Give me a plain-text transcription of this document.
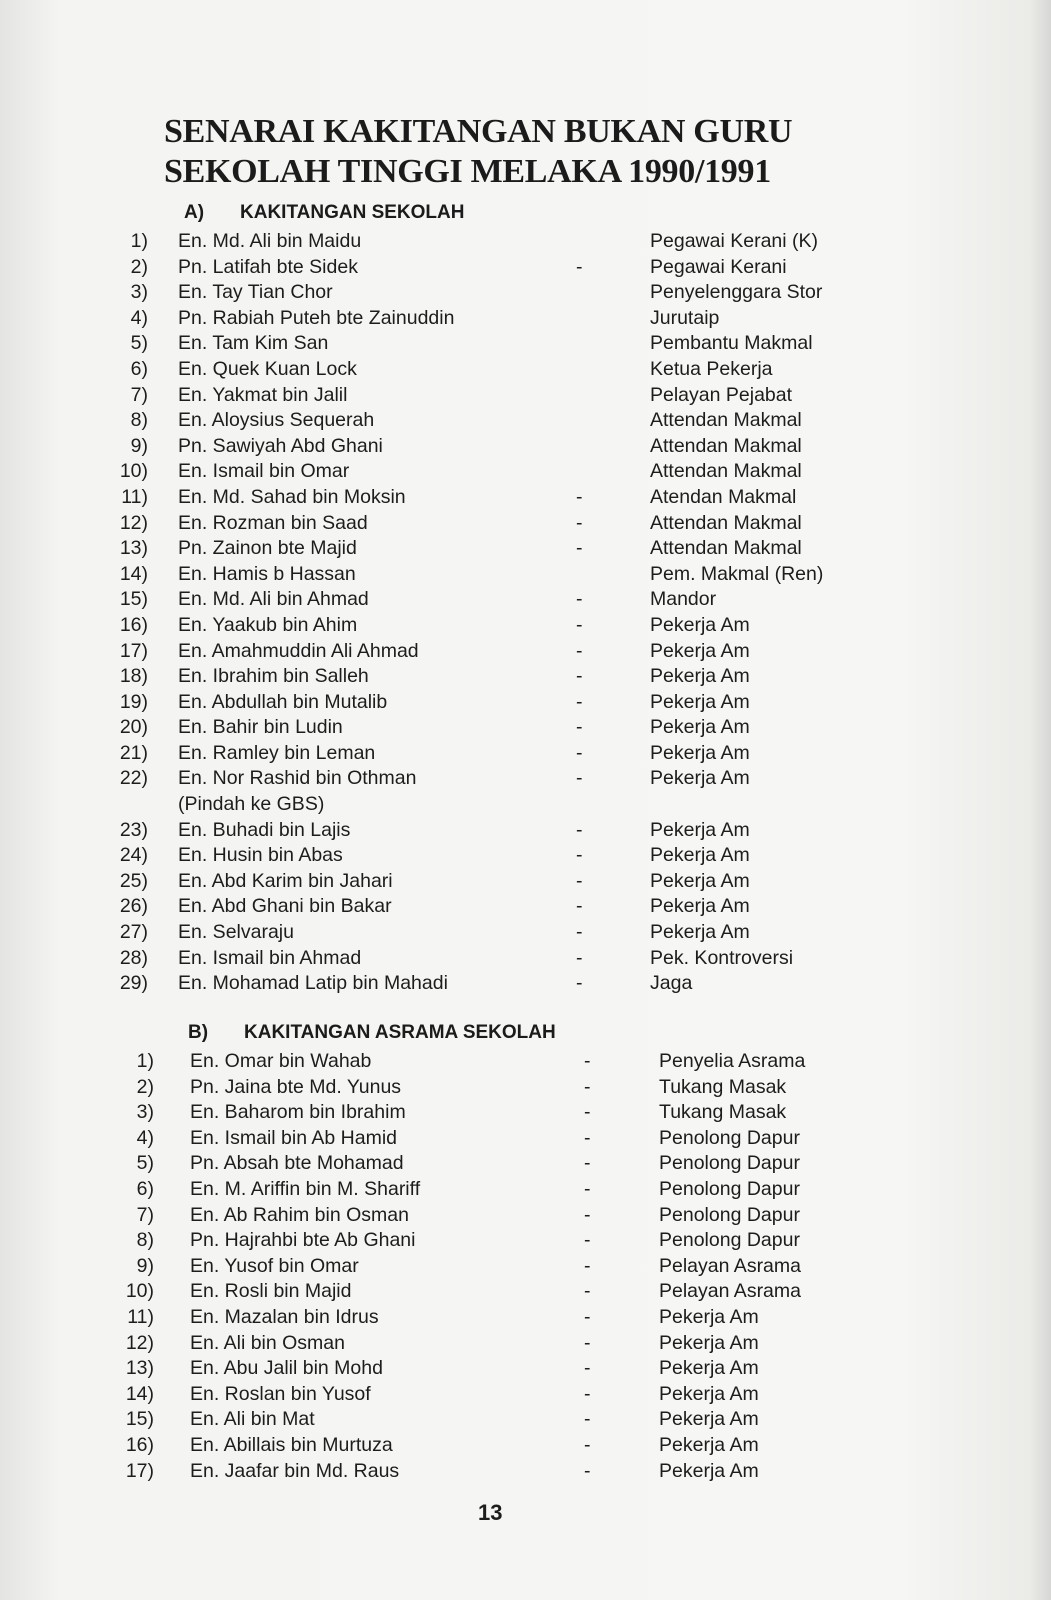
SENARAI KAKITANGAN BUKAN GURU
SEKOLAH TINGGI MELAKA 1990/1991
A) KAKITANGAN SEKOLAH
1) En. Md. Ali bin Maidu	Pegawai Kerani (K)
2) Pn. Latifah bte Sidek	-	Pegawai Kerani
3) En. Tay Tian Chor	Penyelenggara Stor
4) Pn. Rabiah Puteh bte Zainuddin	Jurutaip
5) En. Tam Kim San	Pembantu Makmal
6) En. Quek Kuan Lock	Ketua Pekerja
7) En. Yakmat bin Jalil	Pelayan Pejabat
8) En. Aloysius Sequerah	Attendan Makmal
9) Pn. Sawiyah Abd Ghani	Attendan Makmal
10) En. Ismail bin Omar	Attendan Makmal
11) En. Md. Sahad bin Moksin	-	Atendan Makmal
12) En. Rozman bin Saad	-	Attendan Makmal
13) Pn. Zainon bte Majid	-	Attendan Makmal
14) En. Hamis b Hassan	Pem. Makmal (Ren)
15) En. Md. Ali bin Ahmad	-	Mandor
16) En. Yaakub bin Ahim	-	Pekerja Am
17) En. Amahmuddin Ali Ahmad	-	Pekerja Am
18) En. Ibrahim bin Salleh	-	Pekerja Am
19) En. Abdullah bin Mutalib	-	Pekerja Am
20) En. Bahir bin Ludin	-	Pekerja Am
21) En. Ramley bin Leman	-	Pekerja Am
22) En. Nor Rashid bin Othman	-	Pekerja Am
(Pindah ke GBS)
23) En. Buhadi bin Lajis	-	Pekerja Am
24) En. Husin bin Abas	-	Pekerja Am
25) En. Abd Karim bin Jahari	-	Pekerja Am
26) En. Abd Ghani bin Bakar	-	Pekerja Am
27) En. Selvaraju	-	Pekerja Am
28) En. Ismail bin Ahmad	-	Pek. Kontroversi
29) En. Mohamad Latip bin Mahadi	-	Jaga
B) KAKITANGAN ASRAMA SEKOLAH
1) En. Omar bin Wahab	-	Penyelia Asrama
2) Pn. Jaina bte Md. Yunus	-	Tukang Masak
3) En. Baharom bin Ibrahim	-	Tukang Masak
4) En. Ismail bin Ab Hamid	-	Penolong Dapur
5) Pn. Absah bte Mohamad	-	Penolong Dapur
6) En. M. Ariffin bin M. Shariff	-	Penolong Dapur
7) En. Ab Rahim bin Osman	-	Penolong Dapur
8) Pn. Hajrahbi bte Ab Ghani	-	Penolong Dapur
9) En. Yusof bin Omar	-	Pelayan Asrama
10) En. Rosli bin Majid	-	Pelayan Asrama
11) En. Mazalan bin Idrus	-	Pekerja Am
12) En. Ali bin Osman	-	Pekerja Am
13) En. Abu Jalil bin Mohd	-	Pekerja Am
14) En. Roslan bin Yusof	-	Pekerja Am
15) En. Ali bin Mat	-	Pekerja Am
16) En. Abillais bin Murtuza	-	Pekerja Am
17) En. Jaafar bin Md. Raus	-	Pekerja Am
13
